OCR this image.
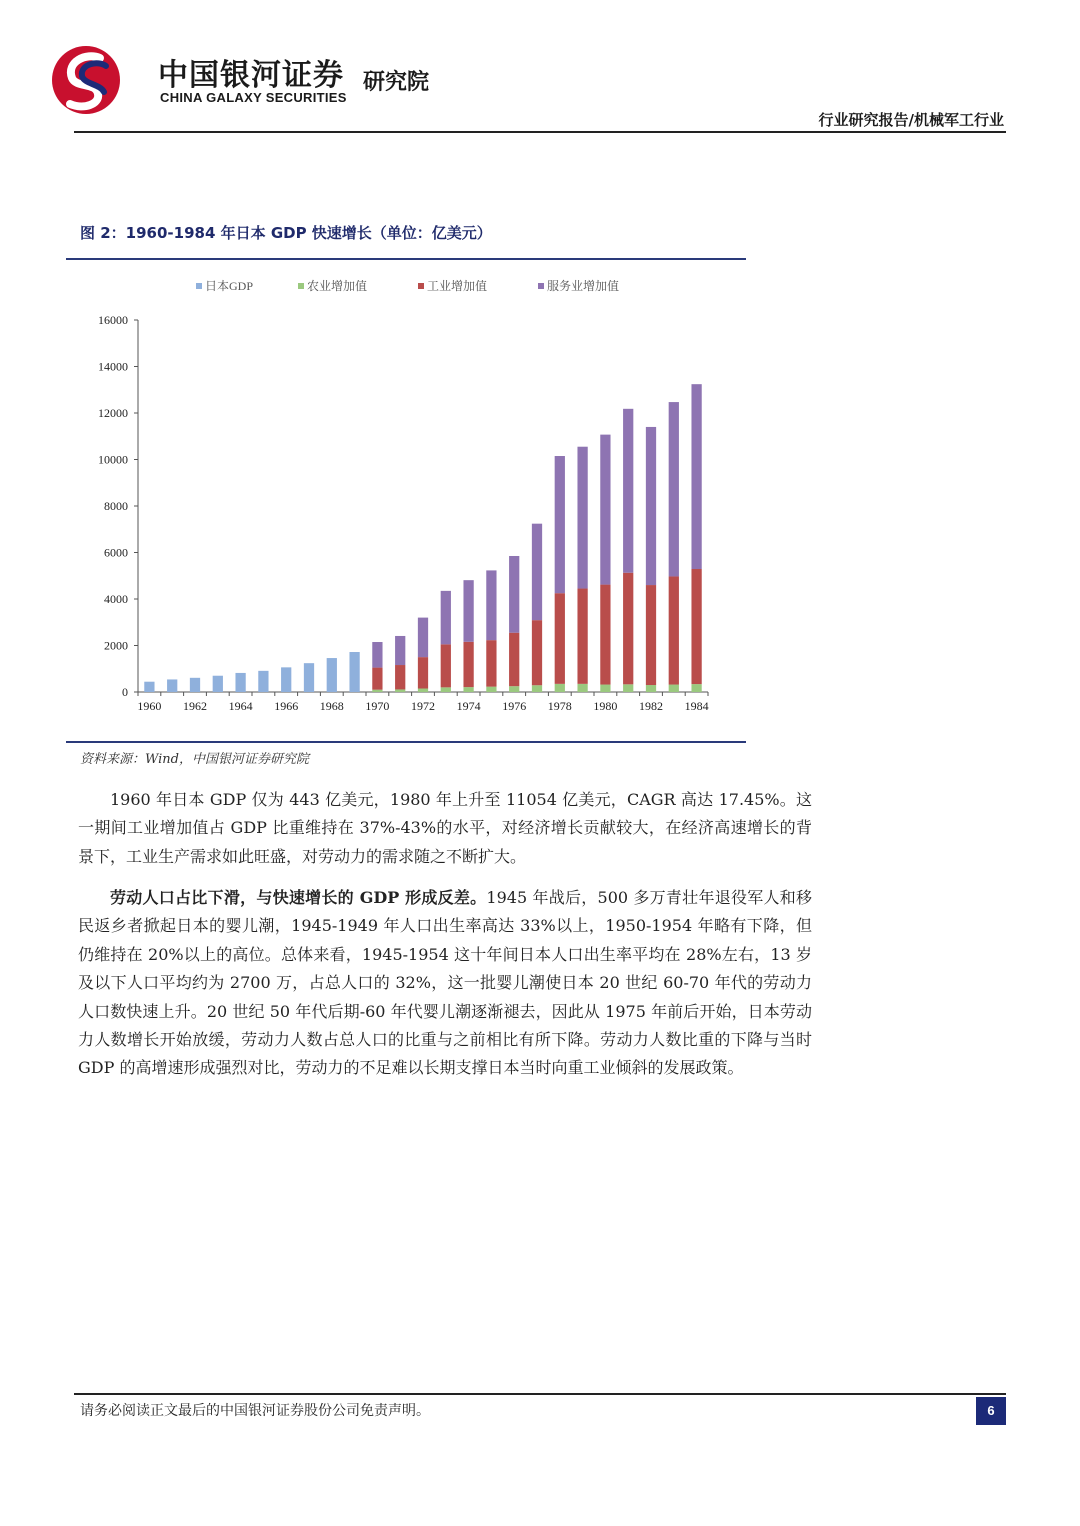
中国银河证券
CHINA GALAXY SECURITIES
研究院
行业研究报告/机械军工行业
图 2：1960-1984 年日本 GDP 快速增长（单位：亿美元）
日本GDP	农业增加值	工业增加值	服务业增加值
0
2000
4000
6000
8000
10000
12000
14000
16000
1960 1962 1964 1966 1968 1970 1972 1974 1976 1978 1980 1982 1984
资料来源：Wind，中国银河证券研究院
1960 年日本 GDP 仅为 443 亿美元，1980 年上升至 11054 亿美元，CAGR 高达 17.45%。这一期间工业增加值占 GDP 比重维持在 37%-43%的水平，对经济增长贡献较大，在经济高速增长的背景下，工业生产需求如此旺盛，对劳动力的需求随之不断扩大。
劳动人口占比下滑，与快速增长的 GDP 形成反差。1945 年战后，500 多万青壮年退役军人和移民返乡者掀起日本的婴儿潮，1945-1949 年人口出生率高达 33%以上，1950-1954 年略有下降，但仍维持在 20%以上的高位。总体来看，1945-1954 这十年间日本人口出生率平均在 28%左右，13 岁及以下人口平均约为 2700 万，占总人口的 32%，这一批婴儿潮使日本 20 世纪 60-70 年代的劳动力人口数快速上升。20 世纪 50 年代后期-60 年代婴儿潮逐渐褪去，因此从 1975 年前后开始，日本劳动力人数增长开始放缓，劳动力人数占总人口的比重与之前相比有所下降。劳动力人数比重的下降与当时 GDP 的高增速形成强烈对比，劳动力的不足难以长期支撑日本当时向重工业倾斜的发展政策。
请务必阅读正文最后的中国银河证券股份公司免责声明。	6
